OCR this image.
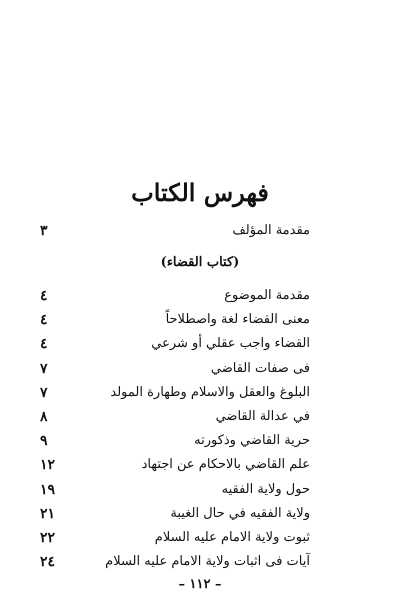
فهرس الكتاب
مقدمة المؤلف
٣
(كتاب القضاء)
مقدمة الموضوع
٤
معنى القضاء لغة واصطلاحاً
٤
القضاء واجب عقلي أو شرعي
٤
فى صفات القاضي
٧
البلوغ والعقل والاسلام وطهارة المولد
٧
في عدالة القاضي
٨
حرية القاضي وذكورته
٩
علم القاضي بالاحكام عن اجتهاد
١٢
حول ولاية الفقيه
١٩
ولاية الفقيه في حال الغيبة
٢١
ثبوت ولاية الامام عليه السلام
٢٢
آيات فى اثبات ولاية الامام عليه السلام
٢٤
– ١١٢ –
